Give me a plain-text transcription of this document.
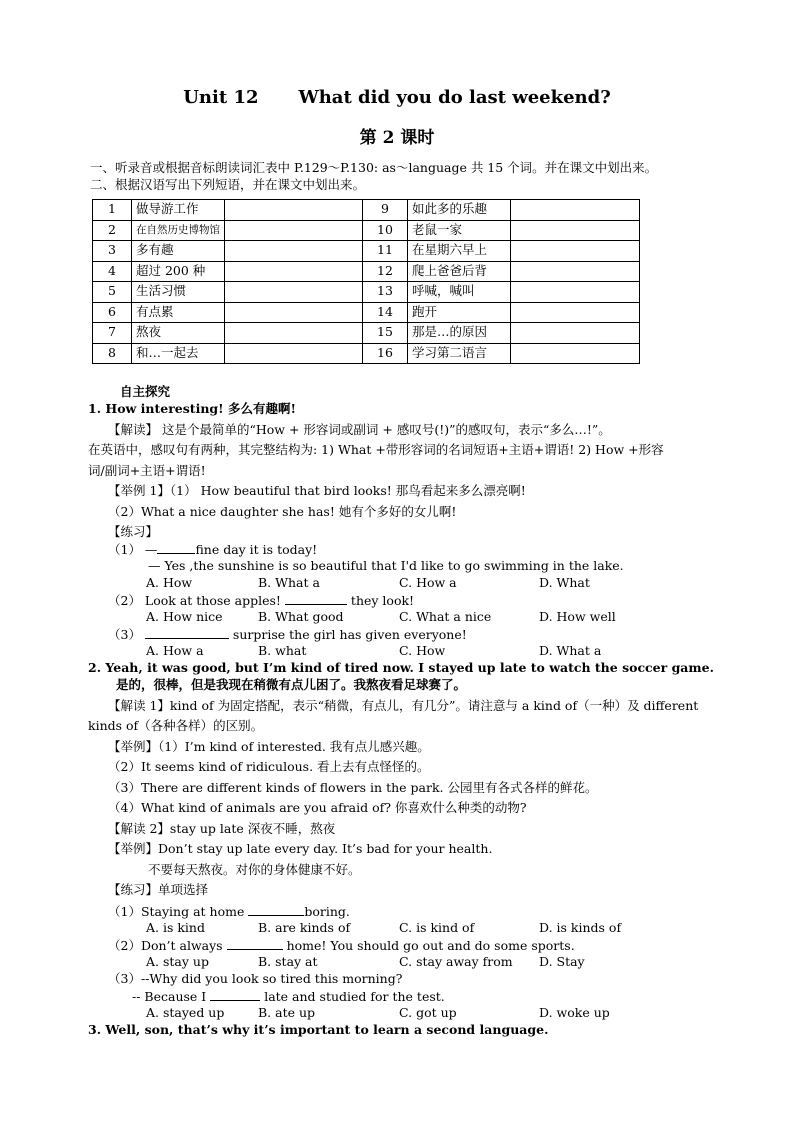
Unit 12 What did you do last weekend?
第 2 课时
一、听录音或根据音标朗读词汇表中 P.129～P.130: as～language 共 15 个词。并在课文中划出来。
二、根据汉语写出下列短语，并在课文中划出来。
1	做导游工作		9	如此多的乐趣	
2	在自然历史博物馆		10	老鼠一家	
3	多有趣		11	在星期六早上	
4	超过 200 种		12	爬上爸爸后背	
5	生活习惯		13	呼喊，喊叫	
6	有点累		14	跑开	
7	熬夜		15	那是…的原因	
8	和…一起去		16	学习第二语言	
自主探究
1. How interesting! 多么有趣啊!
【解读】 这是个最简单的“How + 形容词或副词 + 感叹号(!)”的感叹句，表示“多么…!”。
在英语中，感叹句有两种，其完整结构为: 1) What +带形容词的名词短语+主语+谓语! 2) How +形容
词/副词+主语+谓语!
【举例 1】（1） How beautiful that bird looks! 那鸟看起来多么漂亮啊!
（2）What a nice daughter she has! 她有个多好的女儿啊!
【练习】
（1） —	fine day it is today!
— Yes ,the sunshine is so beautiful that I'd like to go swimming in the lake.
A. How	B. What a	C. How a	D. What
（2） Look at those apples!	they look!
A. How nice	B. What good	C. What a nice	D. How well
（3）	surprise the girl has given everyone!
A. How a	B. what	C. How	D. What a
2. Yeah, it was good, but I’m kind of tired now. I stayed up late to watch the soccer game.
是的，很棒，但是我现在稍微有点儿困了。我熬夜看足球赛了。
【解读 1】kind of 为固定搭配，表示“稍微，有点儿，有几分”。请注意与 a kind of（一种）及 different
kinds of（各种各样）的区别。
【举例】（1）I’m kind of interested. 我有点儿感兴趣。
（2）It seems kind of ridiculous. 看上去有点怪怪的。
（3）There are different kinds of flowers in the park. 公园里有各式各样的鲜花。
（4）What kind of animals are you afraid of? 你喜欢什么种类的动物?
【解读 2】stay up late 深夜不睡，熬夜
【举例】Don’t stay up late every day. It’s bad for your health.
不要每天熬夜。对你的身体健康不好。
【练习】单项选择
（1）Staying at home	boring.
A. is kind	B. are kinds of	C. is kind of	D. is kinds of
（2）Don’t always	home! You should go out and do some sports.
A. stay up	B. stay at	C. stay away from	D. Stay
（3）--Why did you look so tired this morning?
-- Because I	late and studied for the test.
A. stayed up	B. ate up	C. got up	D. woke up
3. Well, son, that’s why it’s important to learn a second language.
